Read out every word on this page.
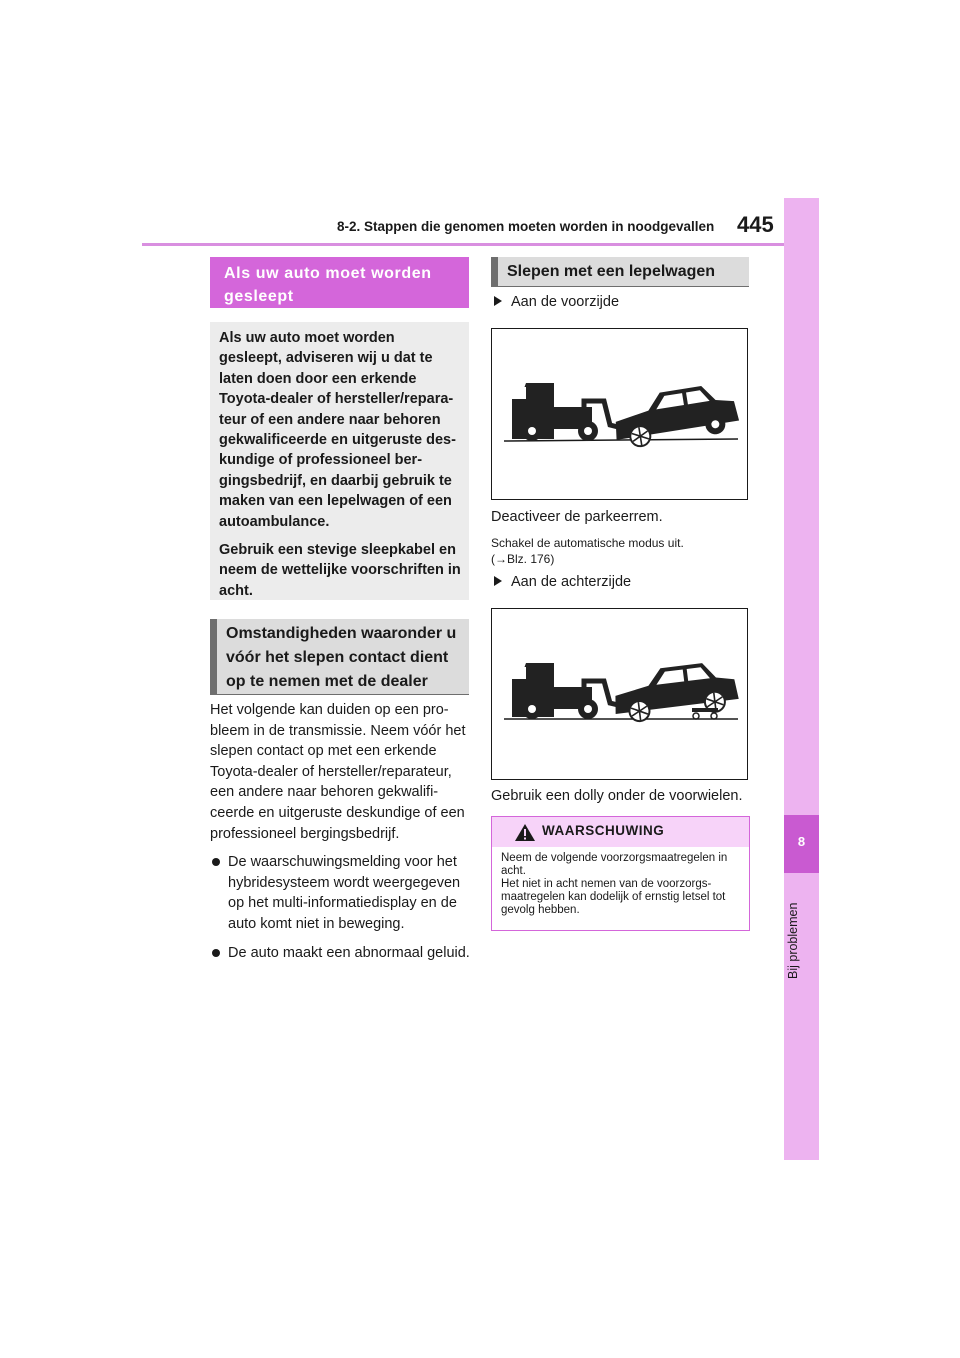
8-2. Stappen die genomen moeten worden in noodgevallen 445
8
Bij problemen
Als uw auto moet worden gesleept

Als uw auto moet worden gesleept, adviseren wij u dat te laten doen door een erkende Toyota-dealer of hersteller/repara- teur of een andere naar behoren gekwalificeerde en uitgeruste des- kundige of professioneel ber- gingsbedrijf, en daarbij gebruik te maken van een lepelwagen of een autoambulance.

Gebruik een stevige sleepkabel en neem de wettelijke voorschriften in acht.

Omstandigheden waaronder u vóór het slepen contact dient op te nemen met de dealer

Het volgende kan duiden op een pro- bleem in de transmissie. Neem vóór het slepen contact op met een erkende Toyota-dealer of hersteller/reparateur, een andere naar behoren gekwalifi- ceerde en uitgeruste deskundige of een professioneel bergingsbedrijf.

De waarschuwingsmelding voor het hybridesysteem wordt weergegeven op het multi-informatiedisplay en de auto komt niet in beweging.
De auto maakt een abnormaal geluid.
Slepen met een lepelwagen
Aan de voorzijde
Deactiveer de parkeerrem.
Schakel de automatische modus uit.
(→Blz. 176)
Aan de achterzijde
Gebruik een dolly onder de voorwielen.
WAARSCHUWING

Neem de volgende voorzorgsmaatregelen in acht.

Het niet in acht nemen van de voorzorgs- maatregelen kan dodelijk of ernstig letsel tot gevolg hebben.
